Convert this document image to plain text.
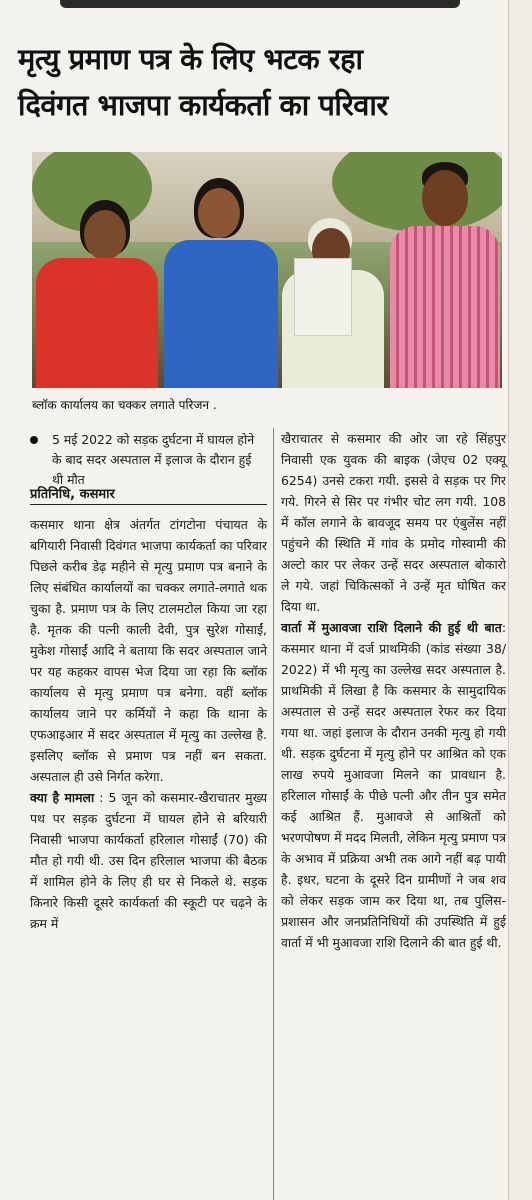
मृत्यु प्रमाण पत्र के लिए भटक रहा
दिवंगत भाजपा कार्यकर्ता का परिवार

ब्लॉक कार्यालय का चक्कर लगाते परिजन .

5 मई 2022 को सड़क दुर्घटना में घायल होने के बाद सदर अस्पताल में इलाज के दौरान हुई थी मौत

प्रतिनिधि, कसमार

कसमार थाना क्षेत्र अंतर्गत टांगटोना पंचायत के बगियारी निवासी दिवंगत भाजपा कार्यकर्ता का परिवार पिछले करीब डेढ़ महीने से मृत्यु प्रमाण पत्र बनाने के लिए संबंधित कार्यालयों का चक्कर लगाते-लगाते थक चुका है. प्रमाण पत्र के लिए टालमटोल किया जा रहा है. मृतक की पत्नी काली देवी, पुत्र सुरेश गोसाईं, मुकेश गोसाईं आदि ने बताया कि सदर अस्पताल जाने पर यह कहकर वापस भेज दिया जा रहा कि ब्लॉक कार्यालय से मृत्यु प्रमाण पत्र बनेगा. वहीं ब्लॉक कार्यालय जाने पर कर्मियों ने कहा कि थाना के एफआइआर में सदर अस्पताल में मृत्यु का उल्लेख है. इसलिए ब्लॉक से प्रमाण पत्र नहीं बन सकता. अस्पताल ही उसे निर्गत करेगा.

क्या है मामला : 5 जून को कसमार-खैराचातर मुख्य पथ पर सड़क दुर्घटना में घायल होने से बरियारी निवासी भाजपा कार्यकर्ता हरिलाल गोसाईं (70) की मौत हो गयी थी. उस दिन हरिलाल भाजपा की बैठक में शामिल होने के लिए ही घर से निकले थे. सड़क किनारे किसी दूसरे कार्यकर्ता की स्कूटी पर चढ़ने के क्रम में

खैराचातर से कसमार की ओर जा रहे सिंहपुर निवासी एक युवक की बाइक (जेएच 02 एक्यू 6254) उनसे टकरा गयी. इससे वे सड़क पर गिर गये. गिरने से सिर पर गंभीर चोट लग गयी. 108 में कॉल लगाने के बावजूद समय पर एंबुलेंस नहीं पहुंचने की स्थिति में गांव के प्रमोद गोस्वामी की अल्टो कार पर लेकर उन्हें सदर अस्पताल बोकारो ले गये. जहां चिकित्सकों ने उन्हें मृत घोषित कर दिया था.

वार्ता में मुआवजा राशि दिलाने की हुई थी बात: कसमार थाना में दर्ज प्राथमिकी (कांड संख्या 38/ 2022) में भी मृत्यु का उल्लेख सदर अस्पताल है. प्राथमिकी में लिखा है कि कसमार के सामुदायिक अस्पताल से उन्हें सदर अस्पताल रेफर कर दिया गया था. जहां इलाज के दौरान उनकी मृत्यु हो गयी थी. सड़क दुर्घटना में मृत्यु होने पर आश्रित को एक लाख रुपये मुआवजा मिलने का प्रावधान है. हरिलाल गोसाईं के पीछे पत्नी और तीन पुत्र समेत कई आश्रित हैं. मुआवजे से आश्रितों को भरणपोषण में मदद मिलती, लेकिन मृत्यु प्रमाण पत्र के अभाव में प्रक्रिया अभी तक आगे नहीं बढ़ पायी है. इधर, घटना के दूसरे दिन ग्रामीणों ने जब शव को लेकर सड़क जाम कर दिया था, तब पुलिस-प्रशासन और जनप्रतिनिधियों की उपस्थिति में हुई वार्ता में भी मुआवजा राशि दिलाने की बात हुई थी.
